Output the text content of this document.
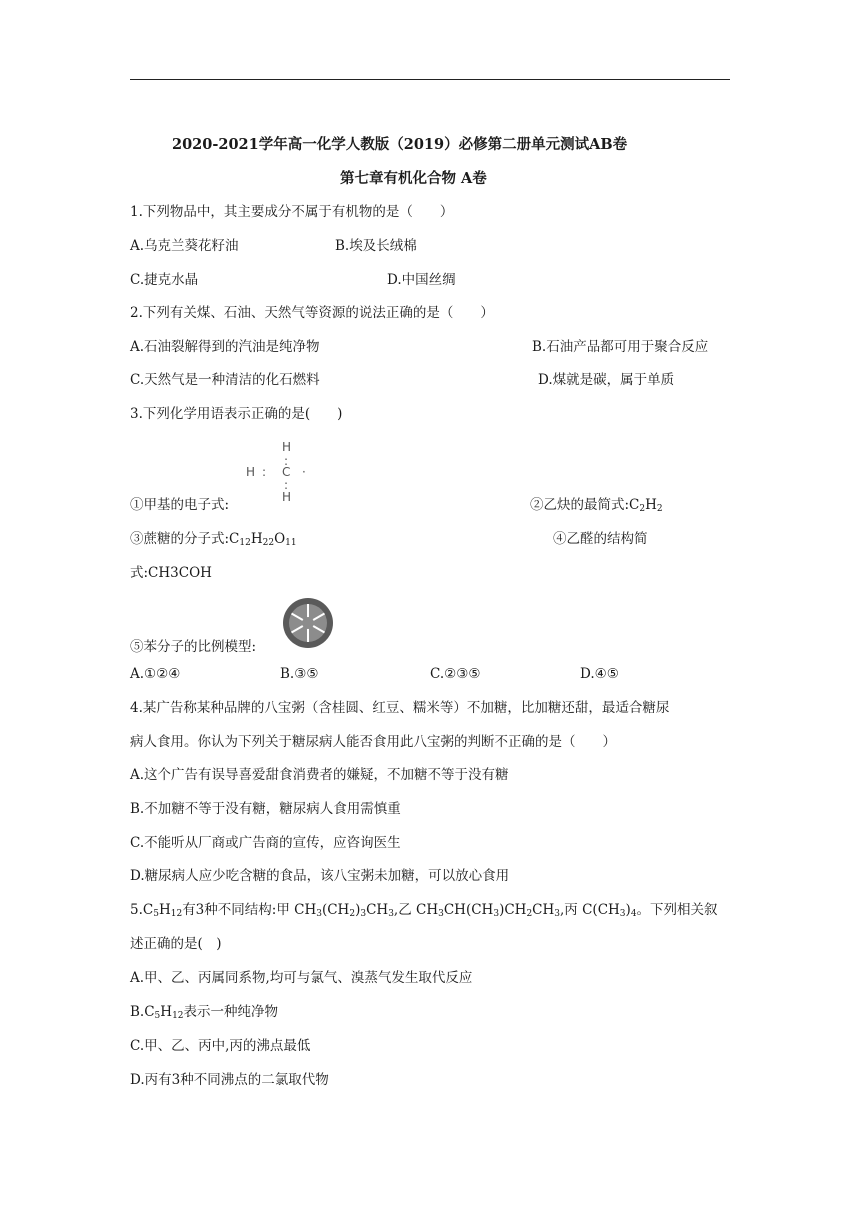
2020-2021学年高一化学人教版（2019）必修第二册单元测试AB卷
第七章有机化合物 A卷
1.下列物品中，其主要成分不属于有机物的是（　　）
A.乌克兰葵花籽油	B.埃及长绒棉
C.捷克水晶	D.中国丝绸
2.下列有关煤、石油、天然气等资源的说法正确的是（　　）
A.石油裂解得到的汽油是纯净物	B.石油产品都可用于聚合反应
C.天然气是一种清洁的化石燃料	D.煤就是碳，属于单质
3.下列化学用语表示正确的是(　　)
H
:
H : C ·
:
H
①甲基的电子式:	②乙炔的最简式$:C_2H_2$
③蔗糖的分子式$:C_{12}H_{22}O_{11}$	④乙醛的结构简
式:CH3COH
⑤苯分子的比例模型:
A.①②④	B.③⑤	C.②③⑤	D.④⑤
4.某广告称某种品牌的八宝粥（含桂圆、红豆、糯米等）不加糖，比加糖还甜，最适合糖尿
病人食用。你认为下列关于糖尿病人能否食用此八宝粥的判断不正确的是（　　）
A.这个广告有误导喜爱甜食消费者的嫌疑，不加糖不等于没有糖
B.不加糖不等于没有糖，糖尿病人食用需慎重
C.不能听从厂商或广告商的宣传，应咨询医生
D.糖尿病人应少吃含糖的食品，该八宝粥未加糖，可以放心食用
$5.C_5H_{12}$有3种不同结构:甲 $CH_3(CH_2)_3CH_3$,乙 $CH_3CH(CH_3)CH_2CH_3$,丙 $C(CH_3)_4$。下列相关叙
述正确的是(　)
A.甲、乙、丙属同系物,均可与氯气、溴蒸气发生取代反应
$B.C_5H_{12}$表示一种纯净物
C.甲、乙、丙中,丙的沸点最低
D.丙有3种不同沸点的二氯取代物
